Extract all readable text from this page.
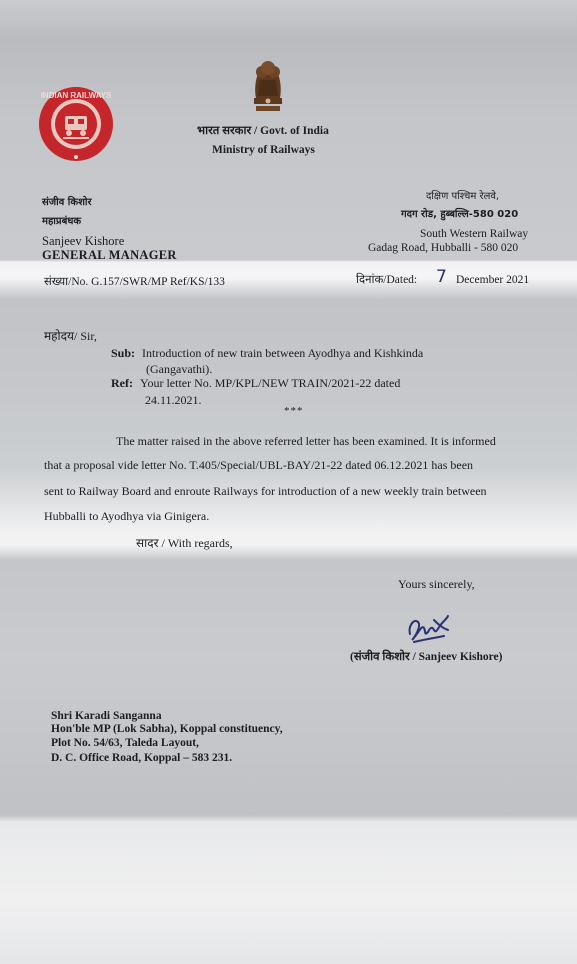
INDIAN RAILWAYS
भारत सरकार / Govt. of India
Ministry of Railways
संजीव किशोर
महाप्रबंधक
Sanjeev Kishore
GENERAL MANAGER
दक्षिण पश्चिम रेलवे,
गदग रोड, हुब्बल्लि-580 020
South Western Railway
Gadag Road, Hubballi - 580 020
संख्या/No. G.157/SWR/MP Ref/KS/133	दिनांक/Dated: 7 December 2021
महोदय/ Sir,
Sub: Introduction of new train between Ayodhya and Kishkinda
(Gangavathi).
Ref: Your letter No. MP/KPL/NEW TRAIN/2021-22 dated
24.11.2021.
***
The matter raised in the above referred letter has been examined. It is informed
that a proposal vide letter No. T.405/Special/UBL-BAY/21-22 dated 06.12.2021 has been
sent to Railway Board and enroute Railways for introduction of a new weekly train between
Hubballi to Ayodhya via Ginigera.
सादर / With regards,
Yours sincerely,
(संजीव किशोर / Sanjeev Kishore)
Shri Karadi Sanganna
Hon'ble MP (Lok Sabha), Koppal constituency,
Plot No. 54/63, Taleda Layout,
D. C. Office Road, Koppal – 583 231.
